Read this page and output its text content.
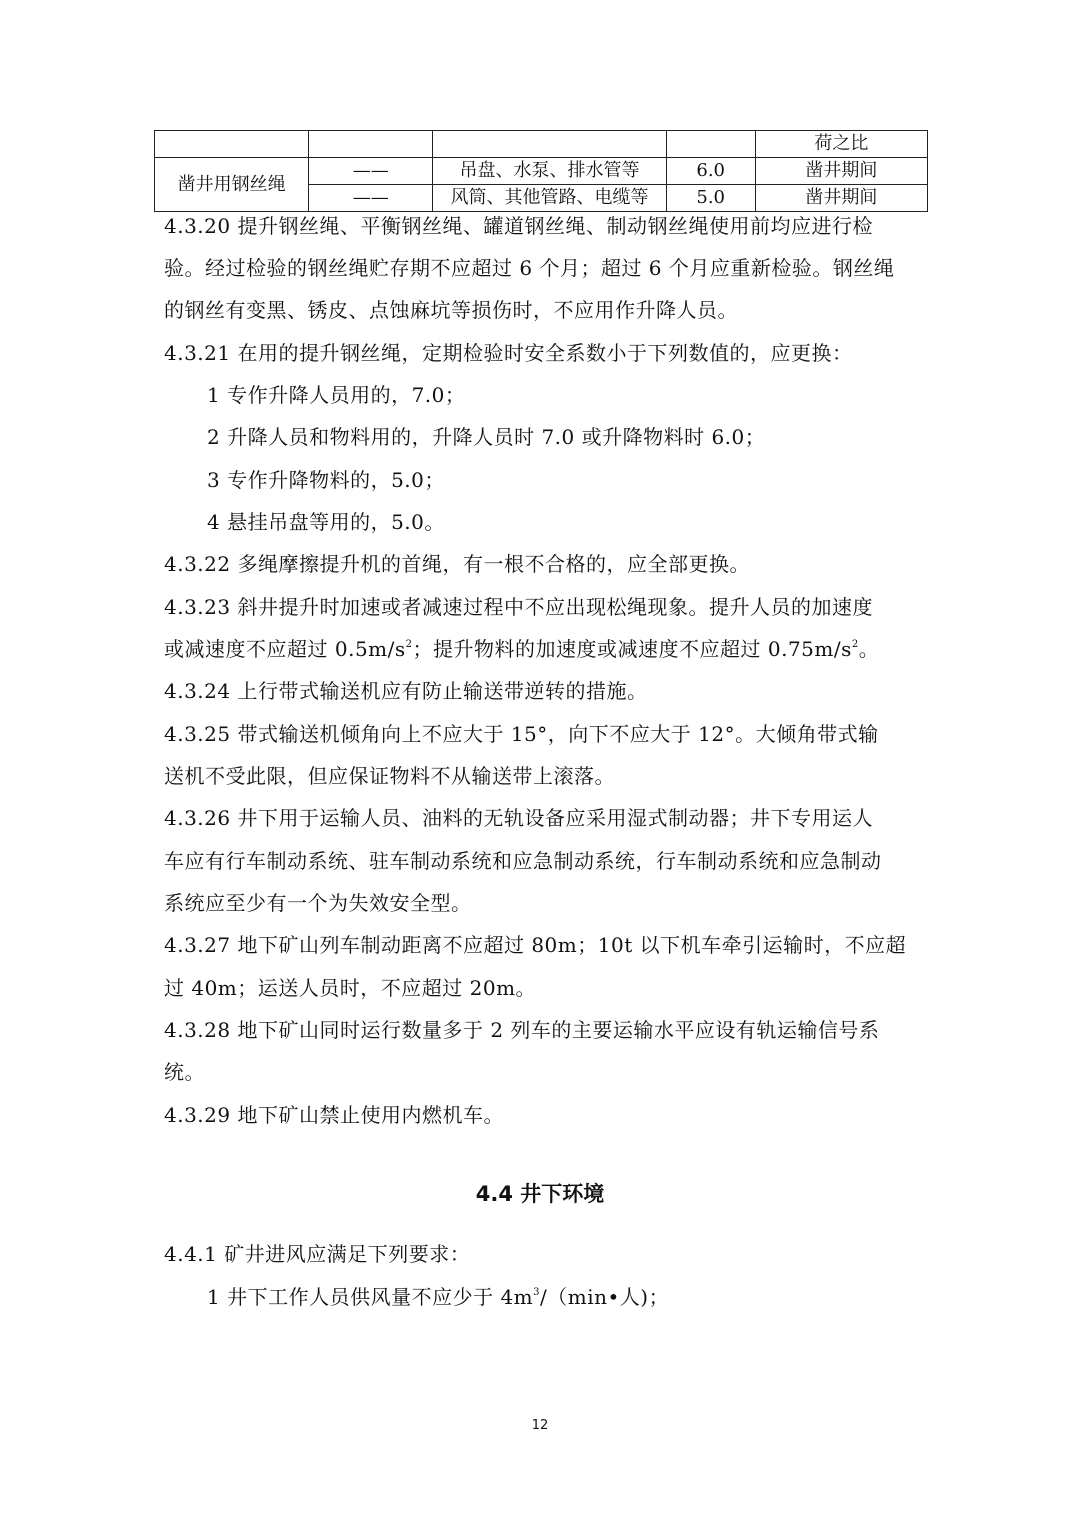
				荷之比
凿井用钢丝绳	——	吊盘、水泵、排水管等	6.0	凿井期间
	——	风筒、其他管路、电缆等	5.0	凿井期间
4.3.20 提升钢丝绳、平衡钢丝绳、罐道钢丝绳、制动钢丝绳使用前均应进行检
验。经过检验的钢丝绳贮存期不应超过 6 个月；超过 6 个月应重新检验。钢丝绳
的钢丝有变黑、锈皮、点蚀麻坑等损伤时，不应用作升降人员。
4.3.21 在用的提升钢丝绳，定期检验时安全系数小于下列数值的，应更换：
1 专作升降人员用的，7.0；
2 升降人员和物料用的，升降人员时 7.0 或升降物料时 6.0；
3 专作升降物料的，5.0；
4 悬挂吊盘等用的，5.0。
4.3.22 多绳摩擦提升机的首绳，有一根不合格的，应全部更换。
4.3.23 斜井提升时加速或者减速过程中不应出现松绳现象。提升人员的加速度
或减速度不应超过 $0.5m/s^2$；提升物料的加速度或减速度不应超过 $0.75m/s^2$。
4.3.24 上行带式输送机应有防止输送带逆转的措施。
4.3.25 带式输送机倾角向上不应大于 15°，向下不应大于 12°。大倾角带式输
送机不受此限，但应保证物料不从输送带上滚落。
4.3.26 井下用于运输人员、油料的无轨设备应采用湿式制动器；井下专用运人
车应有行车制动系统、驻车制动系统和应急制动系统，行车制动系统和应急制动
系统应至少有一个为失效安全型。
4.3.27 地下矿山列车制动距离不应超过 80m；10t 以下机车牵引运输时，不应超
过 40m；运送人员时，不应超过 20m。
4.3.28 地下矿山同时运行数量多于 2 列车的主要运输水平应设有轨运输信号系
统。
4.3.29 地下矿山禁止使用内燃机车。
4.4 井下环境
4.4.1 矿井进风应满足下列要求：
1 井下工作人员供风量不应少于 $4m^3/(\min•$人)；
12
